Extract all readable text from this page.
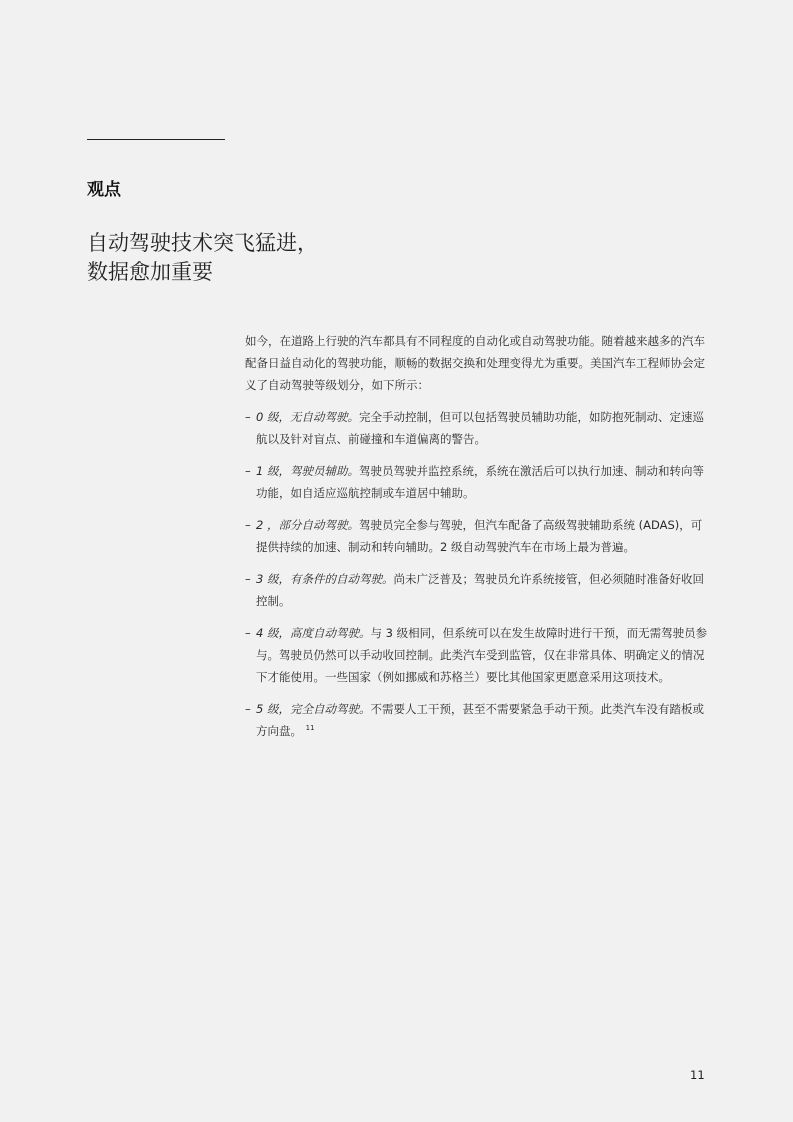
观点
自动驾驶技术突飞猛进，
数据愈加重要

如今，在道路上行驶的汽车都具有不同程度的自动化或自动驾驶功能。随着越来越多的汽车配备日益自动化的驾驶功能，顺畅的数据交换和处理变得尤为重要。美国汽车工程师协会定义了自动驾驶等级划分，如下所示：

– 0 级，无自动驾驶。完全手动控制，但可以包括驾驶员辅助功能，如防抱死制动、定速巡航以及针对盲点、前碰撞和车道偏离的警告。
– 1 级，驾驶员辅助。驾驶员驾驶并监控系统，系统在激活后可以执行加速、制动和转向等功能，如自适应巡航控制或车道居中辅助。
– 2 ，部分自动驾驶。驾驶员完全参与驾驶，但汽车配备了高级驾驶辅助系统 (ADAS)，可提供持续的加速、制动和转向辅助。2 级自动驾驶汽车在市场上最为普遍。
– 3 级，有条件的自动驾驶。尚未广泛普及；驾驶员允许系统接管，但必须随时准备好收回控制。
– 4 级，高度自动驾驶。与 3 级相同，但系统可以在发生故障时进行干预，而无需驾驶员参与。驾驶员仍然可以手动收回控制。此类汽车受到监管，仅在非常具体、明确定义的情况下才能使用。一些国家（例如挪威和苏格兰）要比其他国家更愿意采用这项技术。
– 5 级，完全自动驾驶。不需要人工干预，甚至不需要紧急手动干预。此类汽车没有踏板或方向盘。 $^{11}$
11
